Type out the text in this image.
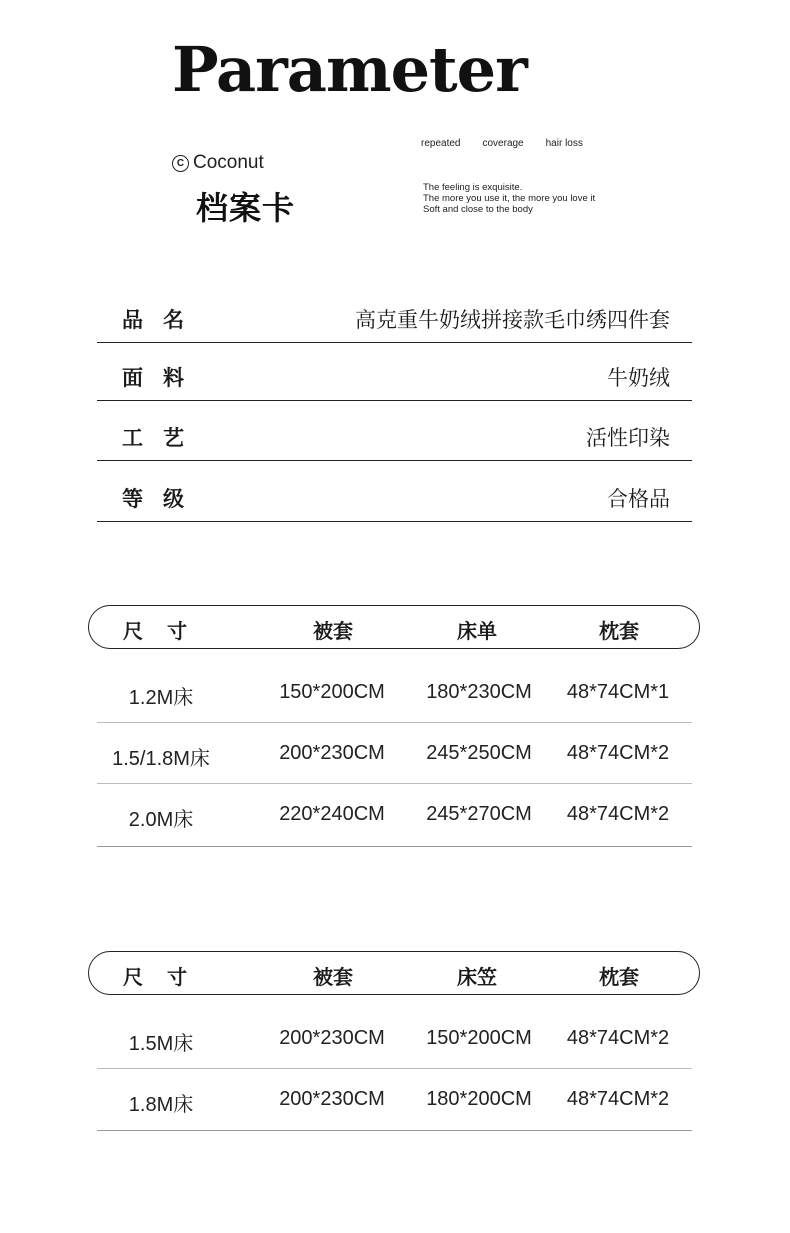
Parameter
C Coconut
档案卡
repeated coverage hair loss
The feeling is exquisite.
The more you use it, the more you love it
Soft and close to the body
品名	高克重牛奶绒拼接款毛巾绣四件套
面料	牛奶绒
工艺	活性印染
等级	合格品
尺寸	被套	床单	枕套
1.2M床	150*200CM 180*230CM 48*74CM*1
1.5/1.8M床	200*230CM 245*250CM 48*74CM*2
2.0M床	220*240CM 245*270CM 48*74CM*2
尺寸	被套	床笠	枕套
1.5M床	200*230CM 150*200CM 48*74CM*2
1.8M床	200*230CM 180*200CM 48*74CM*2
